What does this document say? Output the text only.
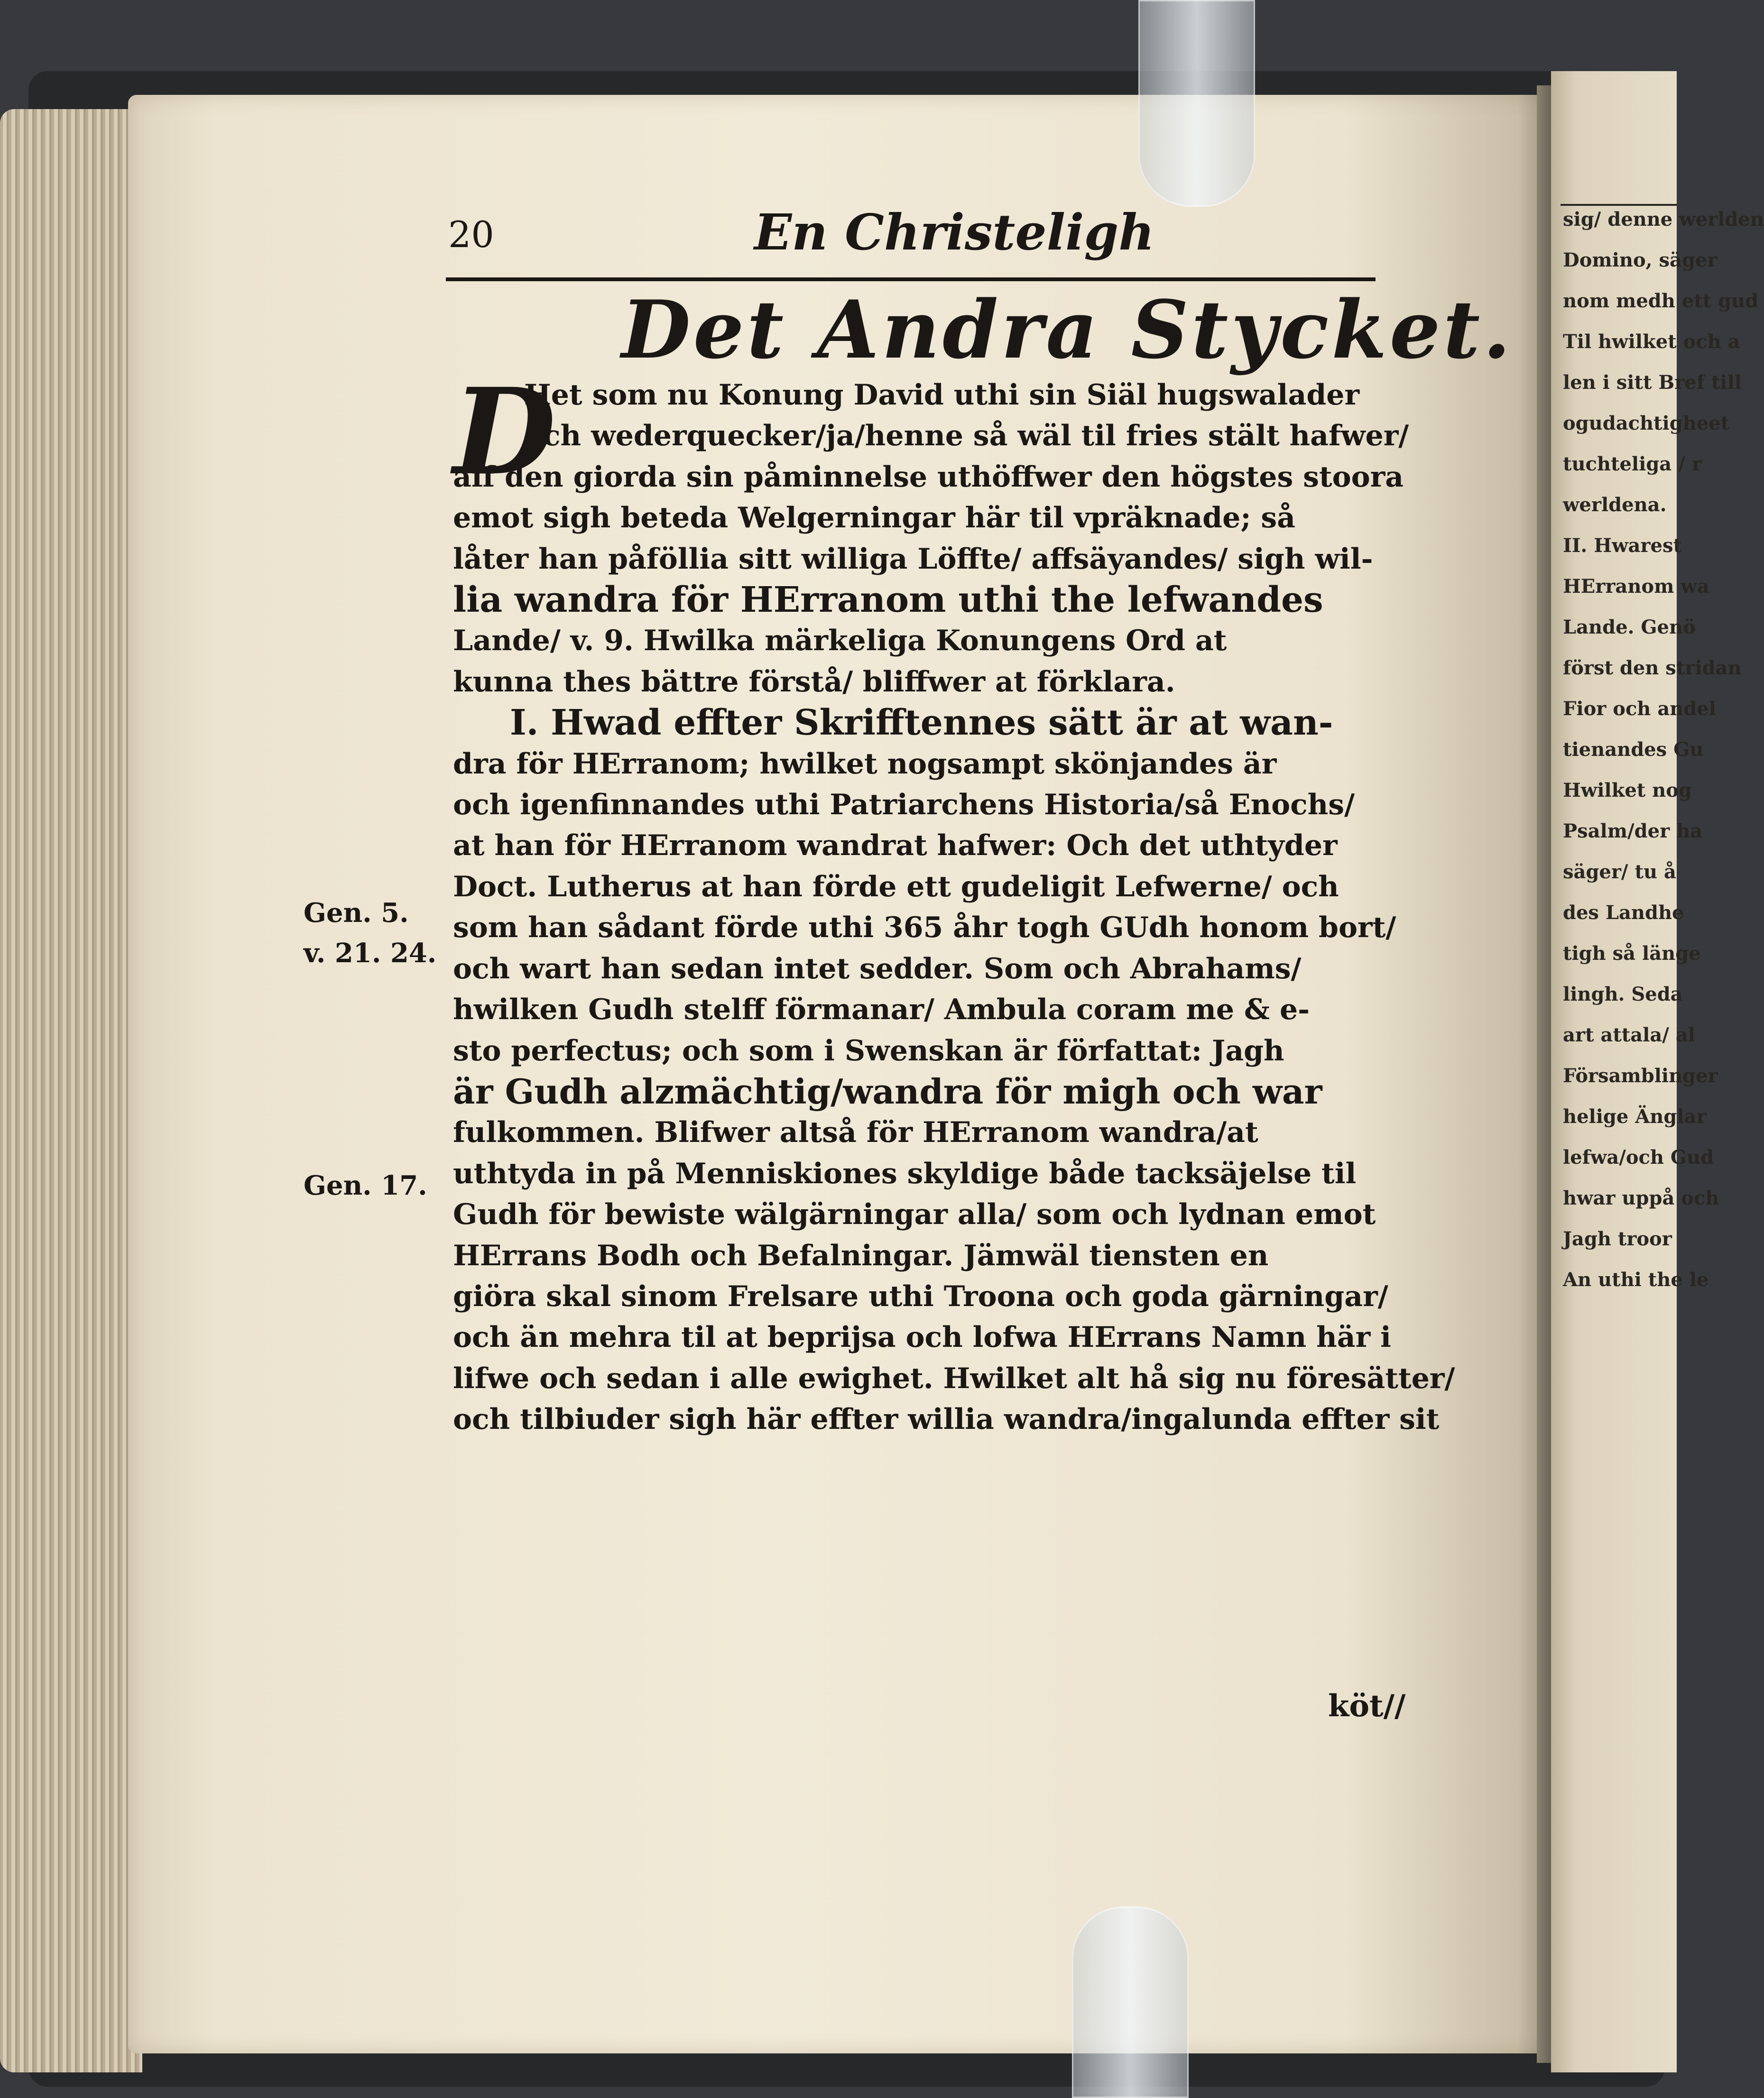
sig/ denne werlden
Domino, säger
nom medh ett gud
Til hwilket och a
len i sitt Bref till
ogudachtigheet
tuchteliga / r
werldena.
II. Hwarest
HErranom wa
Lande. Genö
först den stridan
Fior och andel
tienandes Gu
Hwilket nog
Psalm/der ha
säger/ tu å
des Landhe
tigh så länge
lingh. Seda
art attala/ al
Församblinger
helige Änglar
lefwa/och Gud
hwar uppå och
Jagh troor
An uthi the le
20	En Christeligh
Det Andra Stycket.
D
Het som nu Konung David uthi sin Siäl hugswalader
och wederquecker/ja/henne så wäl til fries stält hafwer/
aff den giorda sin påminnelse uthöffwer den högstes stoora
emot sigh beteda Welgerningar här til vpräknade; så
låter han påföllia sitt williga Löffte/ affsäyandes/ sigh wil-
lia wandra för HErranom uthi the lefwandes
Lande/ v. 9. Hwilka märkeliga Konungens Ord at
kunna thes bättre förstå/ bliffwer at förklara.
I. Hwad effter Skrifftennes sätt är at wan-
dra för HErranom; hwilket nogsampt skönjandes är
och igenfinnandes uthi Patriarchens Historia/så Enochs/
at han för HErranom wandrat hafwer: Och det uthtyder
Doct. Lutherus at han förde ett gudeligit Lefwerne/ och
som han sådant förde uthi 365 åhr togh GUdh honom bort/
och wart han sedan intet sedder. Som och Abrahams/
hwilken Gudh stelff förmanar/ Ambula coram me & e-
sto perfectus; och som i Swenskan är författat: Jagh
är Gudh alzmächtig/wandra för migh och war
fulkommen. Blifwer altså för HErranom wandra/at
uthtyda in på Menniskiones skyldige både tacksäjelse til
Gudh för bewiste wälgärningar alla/ som och lydnan emot
HErrans Bodh och Befalningar. Jämwäl tiensten en
giöra skal sinom Frelsare uthi Troona och goda gärningar/
och än mehra til at beprijsa och lofwa HErrans Namn här i
lifwe och sedan i alle ewighet. Hwilket alt hå sig nu föresätter/
och tilbiuder sigh här effter willia wandra/ingalunda effter sit
Gen. 5.
v. 21. 24.
Gen. 17.
köt//
